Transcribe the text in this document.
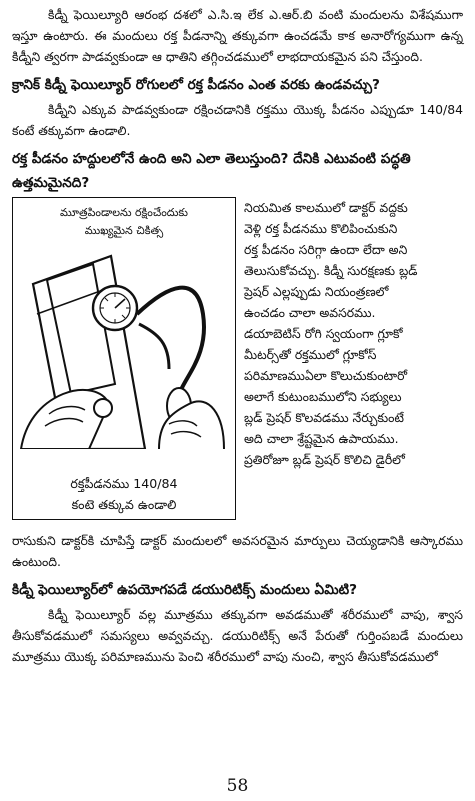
కిడ్నీ ఫెయిల్యూరి ఆరంభ దశలో ఎ.సి.ఇ లేక ఎ.ఆర్.బి వంటి మందులను విశేషముగా ఇస్తూ ఉంటారు. ఈ మందులు రక్త పీడనాన్ని తక్కువగా ఉంచడమే కాక అనారోగ్యముగా ఉన్న కిడ్నీని త్వరగా పాడవ్వకుండా ఆ ధాతిని తగ్గించడములో లాభదాయకమైన పని చేస్తుంది.

క్రానిక్ కిడ్నీ ఫెయిల్యూర్ రోగులలో రక్త పీడనం ఎంత వరకు ఉండవచ్చు?

కిడ్నీని ఎక్కువ పాడవ్వకుండా రక్షించడానికి రక్తము యొక్క పీడనం ఎప్పుడూ 140/84 కంటే తక్కువగా ఉండాలి.

రక్త పీడనం హద్దులలోనే ఉంది అని ఎలా తెలుస్తుంది? దేనికి ఎటువంటి పద్ధతి ఉత్తమమైనది?
మూత్రపిండాలను రక్షించేందుకు
ముఖ్యమైన చికిత్స
రక్తపీడనము 140/84
కంటె తక్కువ ఉండాలి
నియమిత కాలములో డాక్టర్ వద్దకు
వెళ్లి రక్త పీడనము కొలిపించుకుని
రక్త పీడనం సరిగ్గా ఉందా లేదా అని
తెలుసుకోవచ్చు. కిడ్నీ సురక్షణకు బ్లడ్
ప్రెషర్ ఎల్లప్పుడు నియంత్రణలో
ఉంచడం చాలా అవసరము.
డయాబెటిస్ రోగి స్వయంగా గ్లూకో
మీటర్స్‌తో రక్తములో గ్లూకోస్
పరిమాణముఏలా కొలుచుకుంటారో
అలాగే కుటుంబములోని సభ్యులు
బ్లడ్ ప్రెషర్ కొలవడము నేర్చుకుంటే
అది చాలా శ్రేష్టమైన ఉపాయము.
ప్రతిరోజూ బ్లడ్ ప్రెషర్ కొలిచి డైరీలో

రాసుకుని డాక్టర్‌కి చూపిస్తే డాక్టర్ మందులలో అవసరమైన మార్పులు చెయ్యడానికి ఆస్కారము ఉంటుంది.

కిడ్నీ ఫెయిల్యూర్‌లో ఉపయోగపడే డయురిటిక్స్ మందులు ఏమిటి?

కిడ్నీ ఫెయిల్యూర్ వల్ల మూత్రము తక్కువగా అవడముతో శరీరములో వాపు, శ్వాస తీసుకోవడములో సమస్యలు అవ్వవచ్చు. డయురిటిక్స్ అనే పేరుతో గుర్తింపబడే మందులు మూత్రము యొక్క పరిమాణమును పెంచి శరీరములో వాపు నుంచి, శ్వాస తీసుకోవడములో

58
